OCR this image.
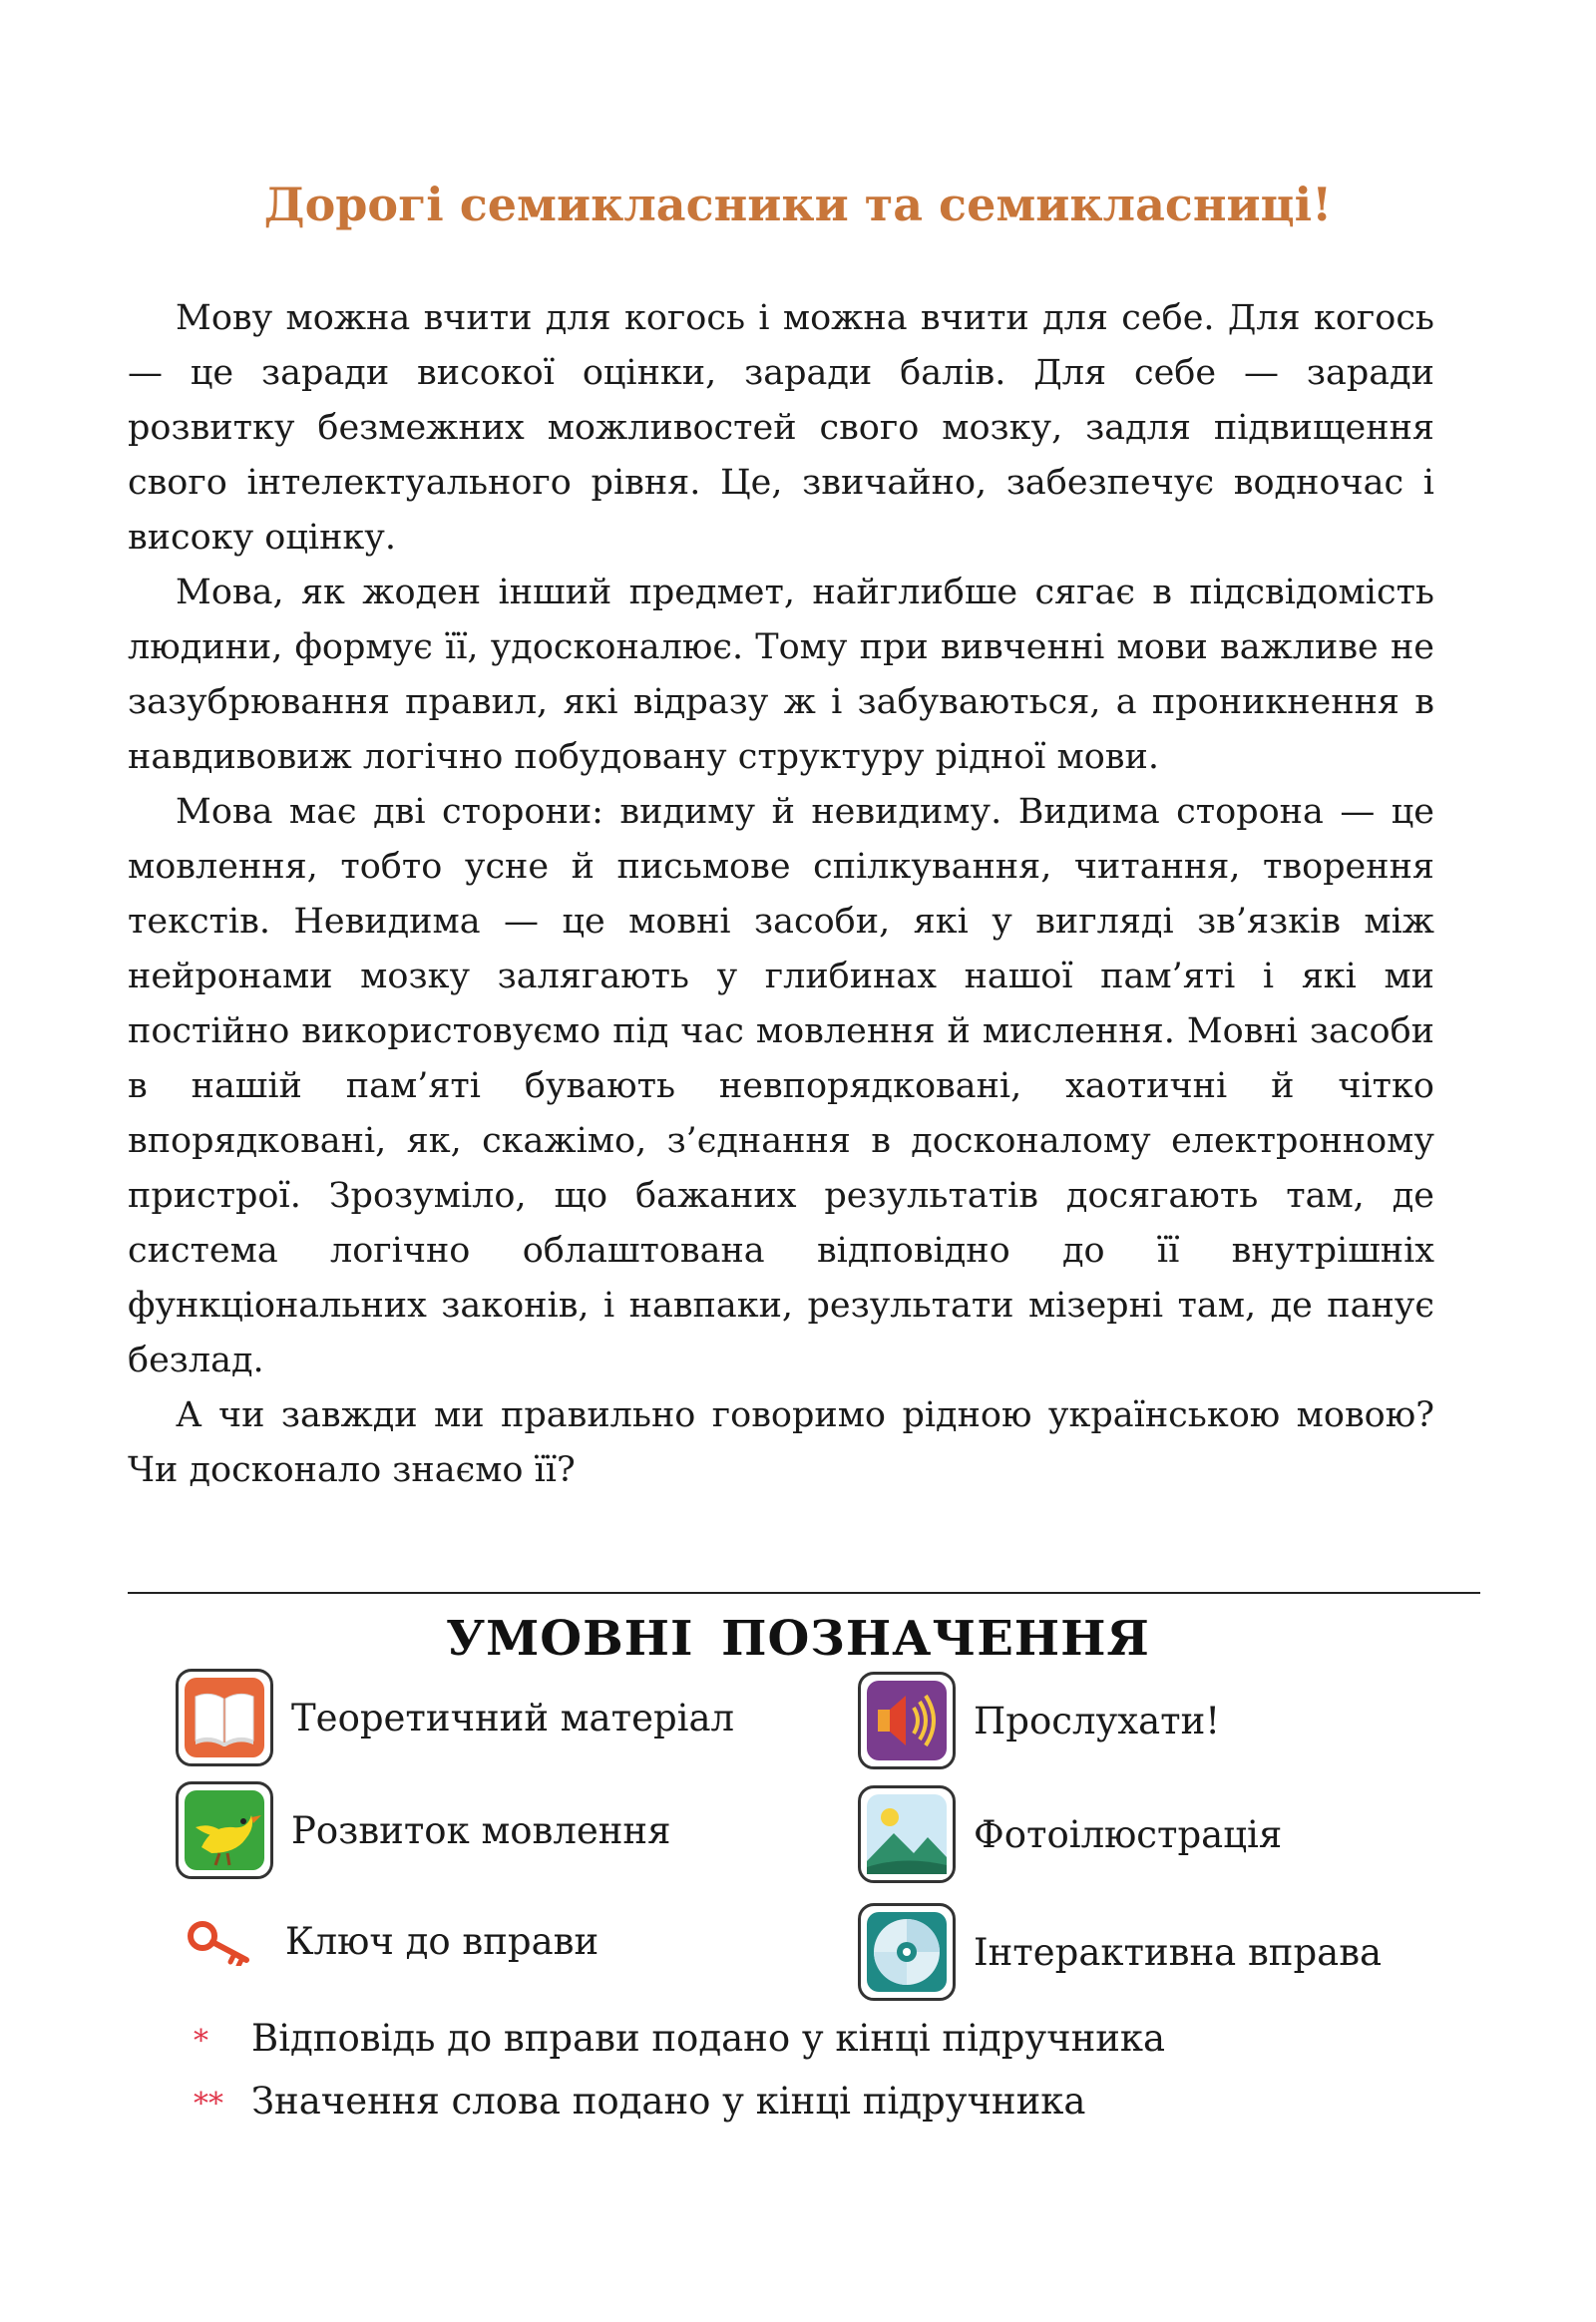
Дорогі семикласники та семикласниці!

Мову можна вчити для когось і можна вчити для себе. Для когось — це заради високої оцінки, заради балів. Для себе — заради розвитку безмежних можливостей свого мозку, задля підвищення свого інтелектуального рівня. Це, звичайно, забезпечує водночас і високу оцінку.

Мова, як жоден інший предмет, найглибше сягає в підсвідомість людини, формує її, удосконалює. Тому при вивченні мови важливе не зазубрювання правил, які відразу ж і забуваються, а проникнення в навдивовиж логічно побудовану структуру рідної мови.

Мова має дві сторони: видиму й невидиму. Видима сторона — це мовлення, тобто усне й письмове спілкування, читання, творення текстів. Невидима — це мовні засоби, які у вигляді зв’язків між нейронами мозку залягають у глибинах нашої пам’яті і які ми постійно використовуємо під час мовлення й мислення. Мовні засоби в нашій пам’яті бувають невпорядковані, хаотичні й чітко впорядковані, як, скажімо, з’єднання в досконалому електронному пристрої. Зрозуміло, що бажаних результатів досягають там, де система логічно облаштована відповідно до її внутрішніх функціональних законів, і навпаки, результати мізерні там, де панує безлад.

А чи завжди ми правильно говоримо рідною українською мовою? Чи досконало знаємо її?

УМОВНІ ПОЗНАЧЕННЯ
Теоретичний матеріал
Розвиток мовлення
Ключ до вправи
Прослухати!
Фотоілюстрація
Інтерактивна вправа
*	Відповідь до вправи подано у кінці підручника
** Значення слова подано у кінці підручника
